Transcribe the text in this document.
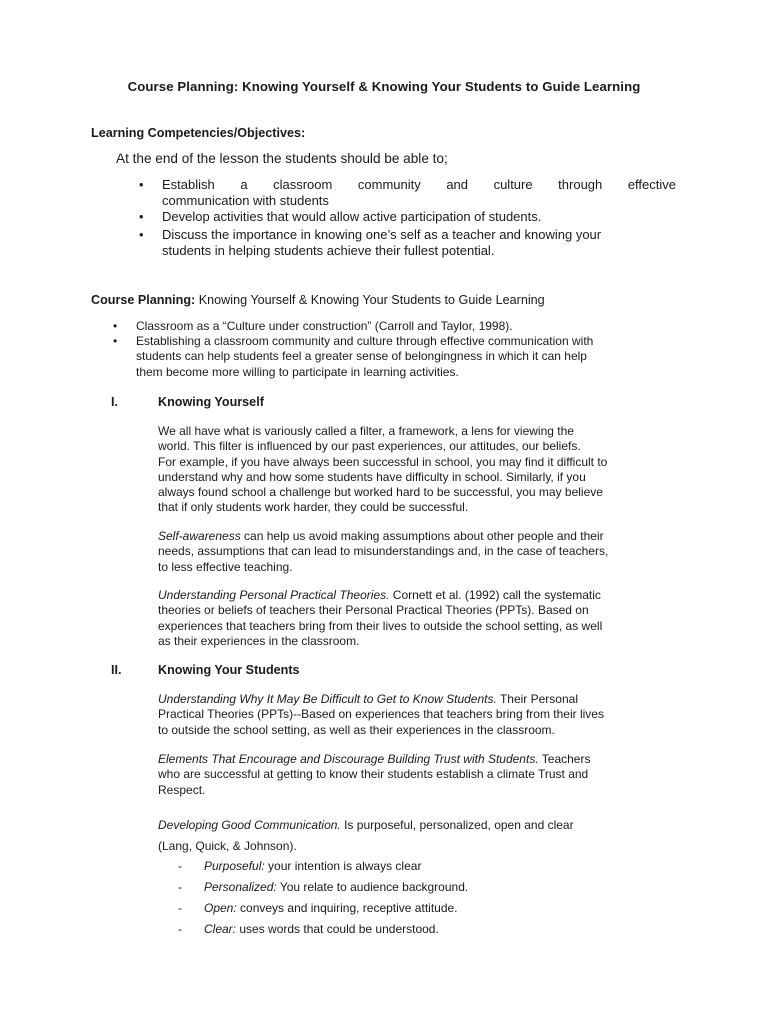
Course Planning: Knowing Yourself & Knowing Your Students to Guide Learning
Learning Competencies/Objectives:
At the end of the lesson the students should be able to;
• Establish a classroom community and culture through effective
communication with students
• Develop activities that would allow active participation of students.
• Discuss the importance in knowing one’s self as a teacher and knowing your
students in helping students achieve their fullest potential.
Course Planning: Knowing Yourself & Knowing Your Students to Guide Learning
• Classroom as a “Culture under construction” (Carroll and Taylor, 1998).
• Establishing a classroom community and culture through effective communication with
students can help students feel a greater sense of belongingness in which it can help
them become more willing to participate in learning activities.
I.	Knowing Yourself
We all have what is variously called a filter, a framework, a lens for viewing the
world. This filter is influenced by our past experiences, our attitudes, our beliefs.
For example, if you have always been successful in school, you may find it difficult to
understand why and how some students have difficulty in school. Similarly, if you
always found school a challenge but worked hard to be successful, you may believe
that if only students work harder, they could be successful.
Self-awareness can help us avoid making assumptions about other people and their
needs, assumptions that can lead to misunderstandings and, in the case of teachers,
to less effective teaching.
Understanding Personal Practical Theories. Cornett et al. (1992) call the systematic
theories or beliefs of teachers their Personal Practical Theories (PPTs). Based on
experiences that teachers bring from their lives to outside the school setting, as well
as their experiences in the classroom.
II.	Knowing Your Students
Understanding Why It May Be Difficult to Get to Know Students. Their Personal
Practical Theories (PPTs)--Based on experiences that teachers bring from their lives
to outside the school setting, as well as their experiences in the classroom.
Elements That Encourage and Discourage Building Trust with Students. Teachers
who are successful at getting to know their students establish a climate Trust and
Respect.
Developing Good Communication. Is purposeful, personalized, open and clear
(Lang, Quick, & Johnson).
- Purposeful: your intention is always clear
- Personalized: You relate to audience background.
- Open: conveys and inquiring, receptive attitude.
- Clear: uses words that could be understood.
